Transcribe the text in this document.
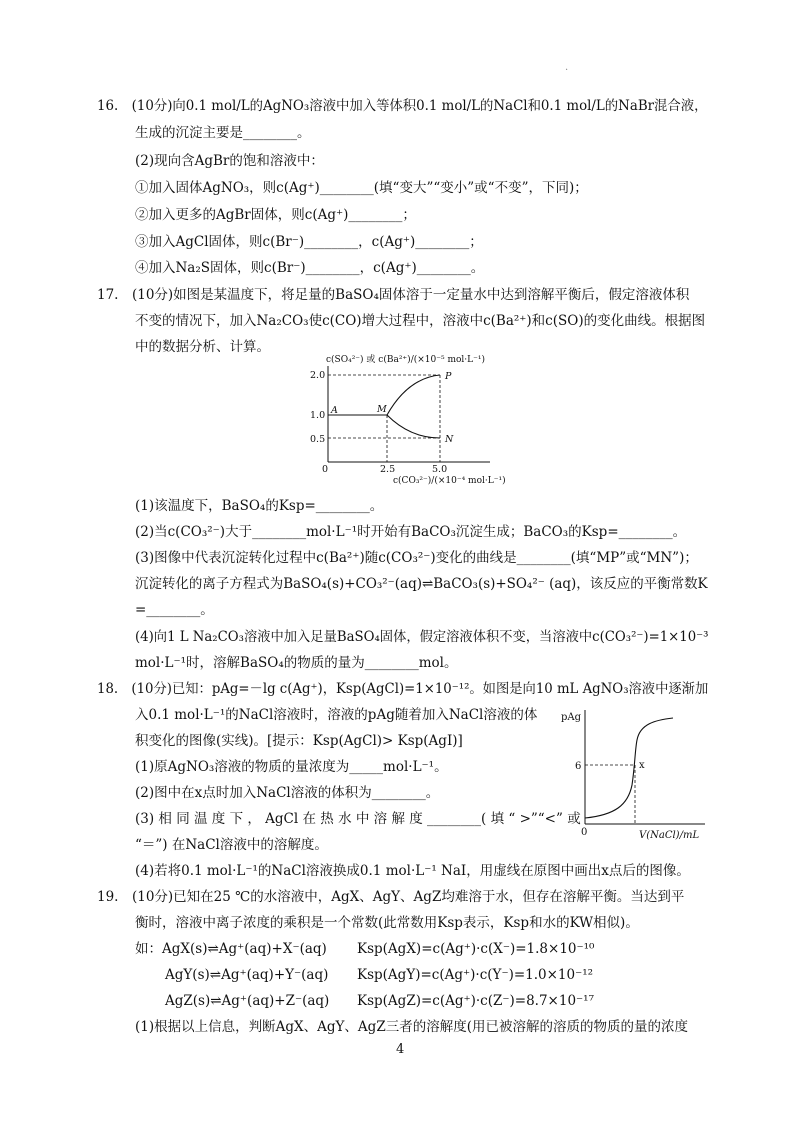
.
16.　(10分)向0.1 mol/L的AgNO₃溶液中加入等体积0.1 mol/L的NaCl和0.1 mol/L的NaBr混合液，
生成的沉淀主要是________。
(2)现向含AgBr的饱和溶液中：
①加入固体AgNO₃，则c(Ag⁺)________(填“变大”“变小”或“不变”，下同)；
②加入更多的AgBr固体，则c(Ag⁺)________；
③加入AgCl固体，则c(Br⁻)________，c(Ag⁺)________；
④加入Na₂S固体，则c(Br⁻)________，c(Ag⁺)________。
17.　(10分)如图是某温度下，将足量的BaSO₄固体溶于一定量水中达到溶解平衡后，假定溶液体积
不变的情况下，加入Na₂CO₃使c(CO)增大过程中，溶液中c(Ba²⁺)和c(SO)的变化曲线。根据图
中的数据分析、计算。
c(SO₄²⁻) 或 c(Ba²⁺)/(×10⁻⁵ mol·L⁻¹)
2.0
1.0
0.5
0	2.5	5.0
A	M
P
N
c(CO₃²⁻)/(×10⁻⁴ mol·L⁻¹)
(1)该温度下，BaSO₄的Ksp=________。
(2)当c(CO₃²⁻)大于________mol·L⁻¹时开始有BaCO₃沉淀生成；BaCO₃的Ksp=________。
(3)图像中代表沉淀转化过程中c(Ba²⁺)随c(CO₃²⁻)变化的曲线是________(填“MP”或“MN”)；
沉淀转化的离子方程式为BaSO₄(s)+CO₃²⁻(aq)⇌BaCO₃(s)+SO₄²⁻ (aq)，该反应的平衡常数K
=________。
(4)向1 L Na₂CO₃溶液中加入足量BaSO₄固体，假定溶液体积不变，当溶液中c(CO₃²⁻)=1×10⁻³
mol·L⁻¹时，溶解BaSO₄的物质的量为________mol。
18.　(10分)已知：pAg=－lg c(Ag⁺)，Ksp(AgCl)=1×10⁻¹²。如图是向10 mL AgNO₃溶液中逐渐加
入0.1 mol·L⁻¹的NaCl溶液时，溶液的pAg随着加入NaCl溶液的体
积变化的图像(实线)。[提示：Ksp(AgCl)> Ksp(AgI)]
(1)原AgNO₃溶液的物质的量浓度为_____mol·L⁻¹。
(2)图中在x点时加入NaCl溶液的体积为________。
(3) 相 同 温 度 下 ， AgCl 在 热 水 中 溶 解 度 ________( 填 “ >”“<” 或
“＝”) 在NaCl溶液中的溶解度。
(4)若将0.1 mol·L⁻¹的NaCl溶液换成0.1 mol·L⁻¹ NaI，用虚线在原图中画出x点后的图像。
pAg
6	x
0	V(NaCl)/mL
19.　(10分)已知在25 ℃的水溶液中，AgX、AgY、AgZ均难溶于水，但存在溶解平衡。当达到平
衡时，溶液中离子浓度的乘积是一个常数(此常数用Ksp表示，Ksp和水的KW相似)。
如：AgX(s)⇌Ag⁺(aq)+X⁻(aq) Ksp(AgX)=c(Ag⁺)·c(X⁻)=1.8×10⁻¹⁰
AgY(s)⇌Ag⁺(aq)+Y⁻(aq) Ksp(AgY)=c(Ag⁺)·c(Y⁻)=1.0×10⁻¹²
AgZ(s)⇌Ag⁺(aq)+Z⁻(aq) Ksp(AgZ)=c(Ag⁺)·c(Z⁻)=8.7×10⁻¹⁷
(1)根据以上信息，判断AgX、AgY、AgZ三者的溶解度(用已被溶解的溶质的物质的量的浓度
4
